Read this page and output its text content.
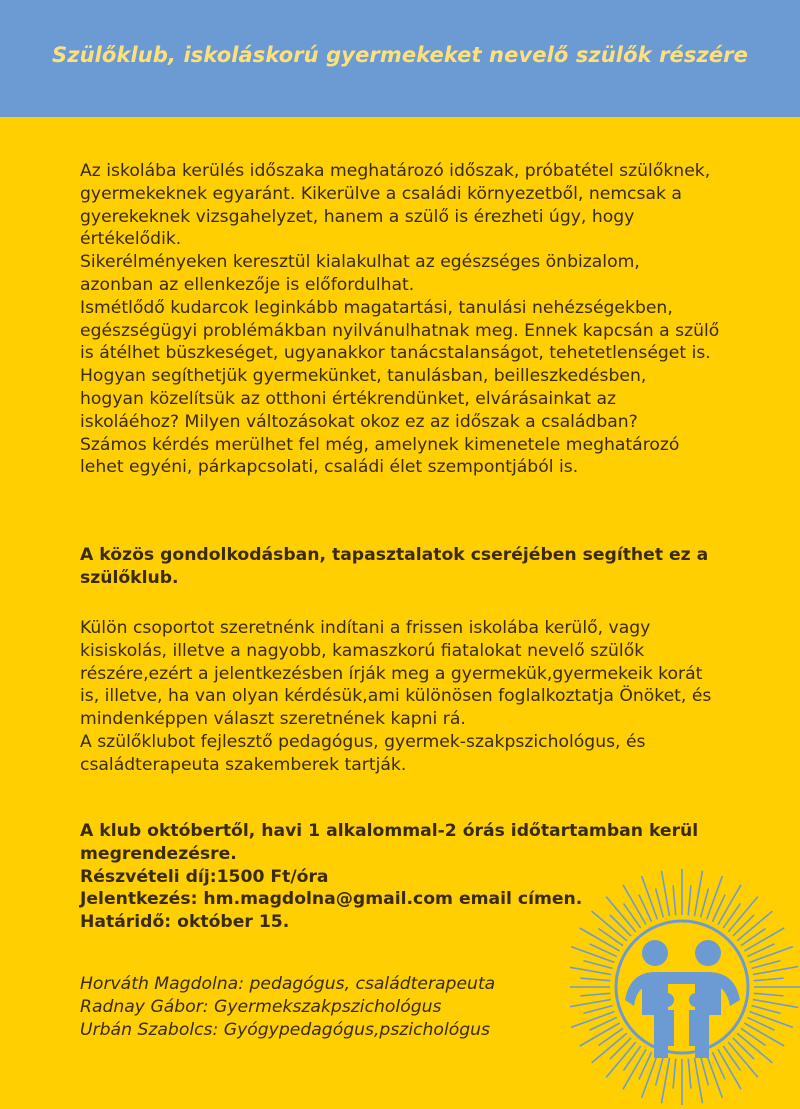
Szülőklub, iskoláskorú gyermekeket nevelő szülők részére
Az iskolába kerülés időszaka meghatározó időszak, próbatétel szülőknek,
gyermekeknek egyaránt. Kikerülve a családi környezetből, nemcsak a
gyerekeknek vizsgahelyzet, hanem a szülő is érezheti úgy, hogy
értékelődik.
Sikerélményeken keresztül kialakulhat az egészséges önbizalom,
azonban az ellenkezője is előfordulhat.
Ismétlődő kudarcok leginkább magatartási, tanulási nehézségekben,
egészségügyi problémákban nyilvánulhatnak meg. Ennek kapcsán a szülő
is átélhet büszkeséget, ugyanakkor tanácstalanságot, tehetetlenséget is.
Hogyan segíthetjük gyermekünket, tanulásban, beilleszkedésben,
hogyan közelítsük az otthoni értékrendünket, elvárásainkat az
iskoláéhoz? Milyen változásokat okoz ez az időszak a családban?
Számos kérdés merülhet fel még, amelynek kimenetele meghatározó
lehet egyéni, párkapcsolati, családi élet szempontjából is.
A közös gondolkodásban, tapasztalatok cseréjében segíthet ez a
szülőklub.
Külön csoportot szeretnénk indítani a frissen iskolába kerülő, vagy
kisiskolás, illetve a nagyobb, kamaszkorú fiatalokat nevelő szülők
részére,ezért a jelentkezésben írják meg a gyermekük,gyermekeik korát
is, illetve, ha van olyan kérdésük,ami különösen foglalkoztatja Önöket, és
mindenképpen választ szeretnének kapni rá.
A szülőklubot fejlesztő pedagógus, gyermek-szakpszichológus, és
családterapeuta szakemberek tartják.
A klub októbertől, havi 1 alkalommal-2 órás időtartamban kerül
megrendezésre.
Részvételi díj:1500 Ft/óra
Jelentkezés: hm.magdolna@gmail.com email címen.
Határidő: október 15.
Horváth Magdolna: pedagógus, családterapeuta
Radnay Gábor: Gyermekszakpszichológus
Urbán Szabolcs: Gyógypedagógus,pszichológus
